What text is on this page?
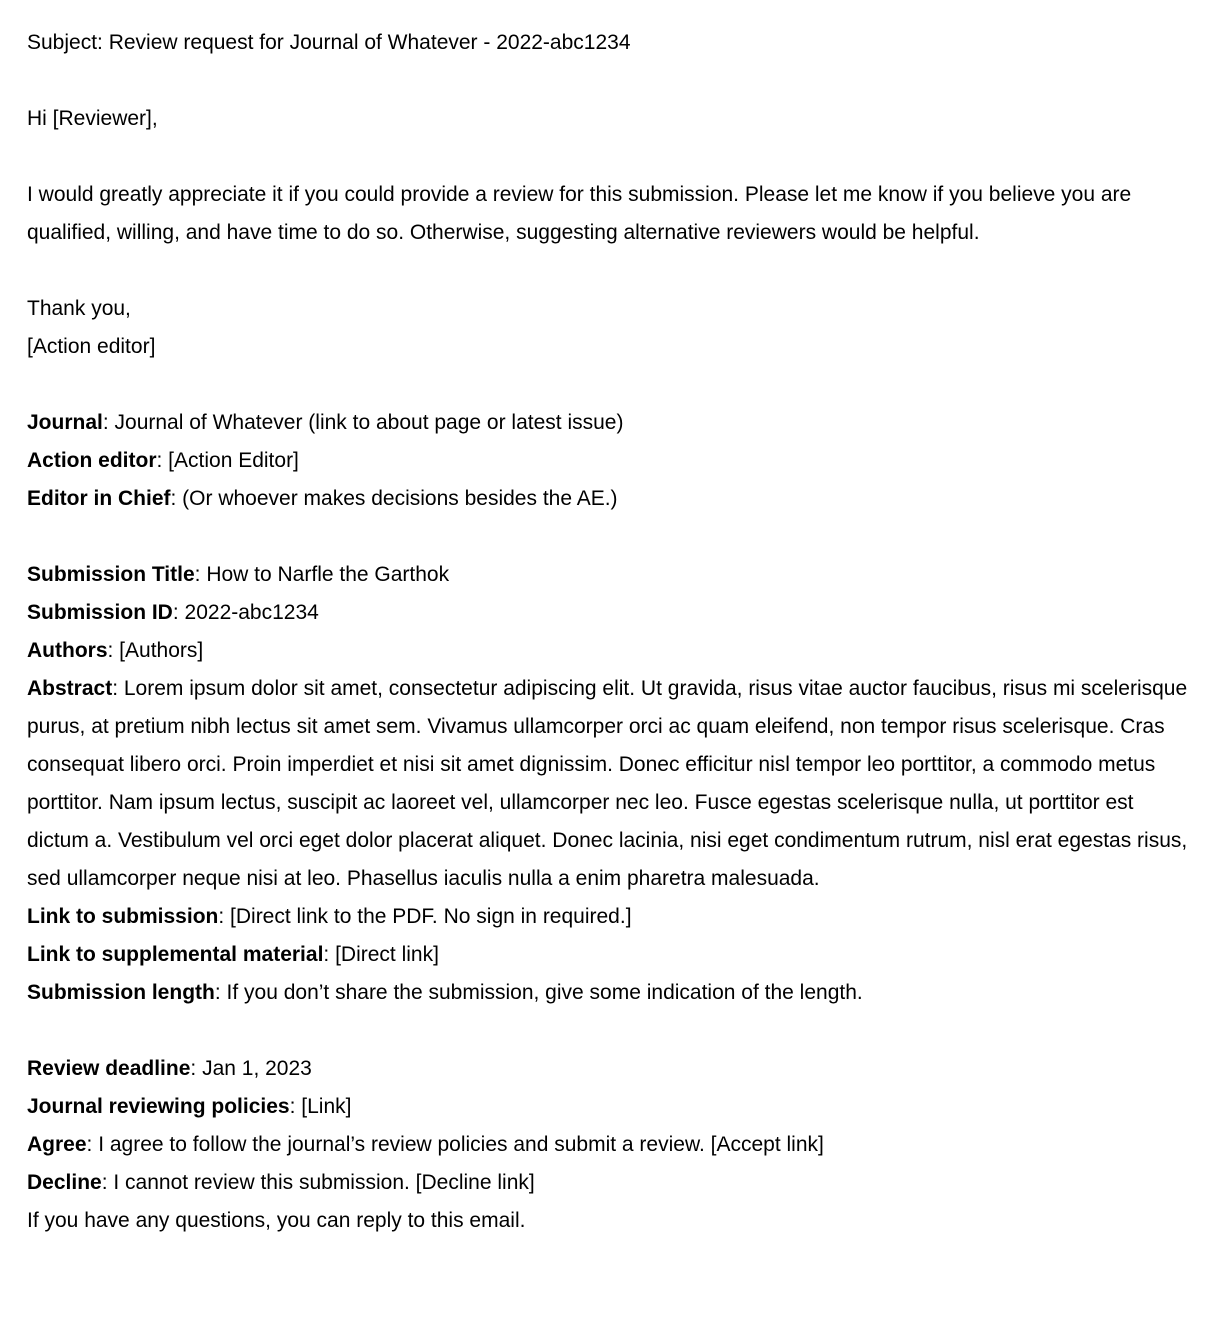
Subject: Review request for Journal of Whatever - 2022-abc1234
Hi [Reviewer],
I would greatly appreciate it if you could provide a review for this submission. Please let me know if you believe you are qualified, willing, and have time to do so. Otherwise, suggesting alternative reviewers would be helpful.
Thank you,
[Action editor]
Journal: Journal of Whatever (link to about page or latest issue)
Action editor: [Action Editor]
Editor in Chief: (Or whoever makes decisions besides the AE.)
Submission Title: How to Narfle the Garthok
Submission ID: 2022-abc1234
Authors: [Authors]
Abstract: Lorem ipsum dolor sit amet, consectetur adipiscing elit. Ut gravida, risus vitae auctor faucibus, risus mi scelerisque purus, at pretium nibh lectus sit amet sem. Vivamus ullamcorper orci ac quam eleifend, non tempor risus scelerisque. Cras consequat libero orci. Proin imperdiet et nisi sit amet dignissim. Donec efficitur nisl tempor leo porttitor, a commodo metus porttitor. Nam ipsum lectus, suscipit ac laoreet vel, ullamcorper nec leo. Fusce egestas scelerisque nulla, ut porttitor est dictum a. Vestibulum vel orci eget dolor placerat aliquet. Donec lacinia, nisi eget condimentum rutrum, nisl erat egestas risus, sed ullamcorper neque nisi at leo. Phasellus iaculis nulla a enim pharetra malesuada.
Link to submission: [Direct link to the PDF. No sign in required.]
Link to supplemental material: [Direct link]
Submission length: If you don’t share the submission, give some indication of the length.
Review deadline: Jan 1, 2023
Journal reviewing policies: [Link]
Agree: I agree to follow the journal’s review policies and submit a review. [Accept link]
Decline: I cannot review this submission. [Decline link]
If you have any questions, you can reply to this email.
